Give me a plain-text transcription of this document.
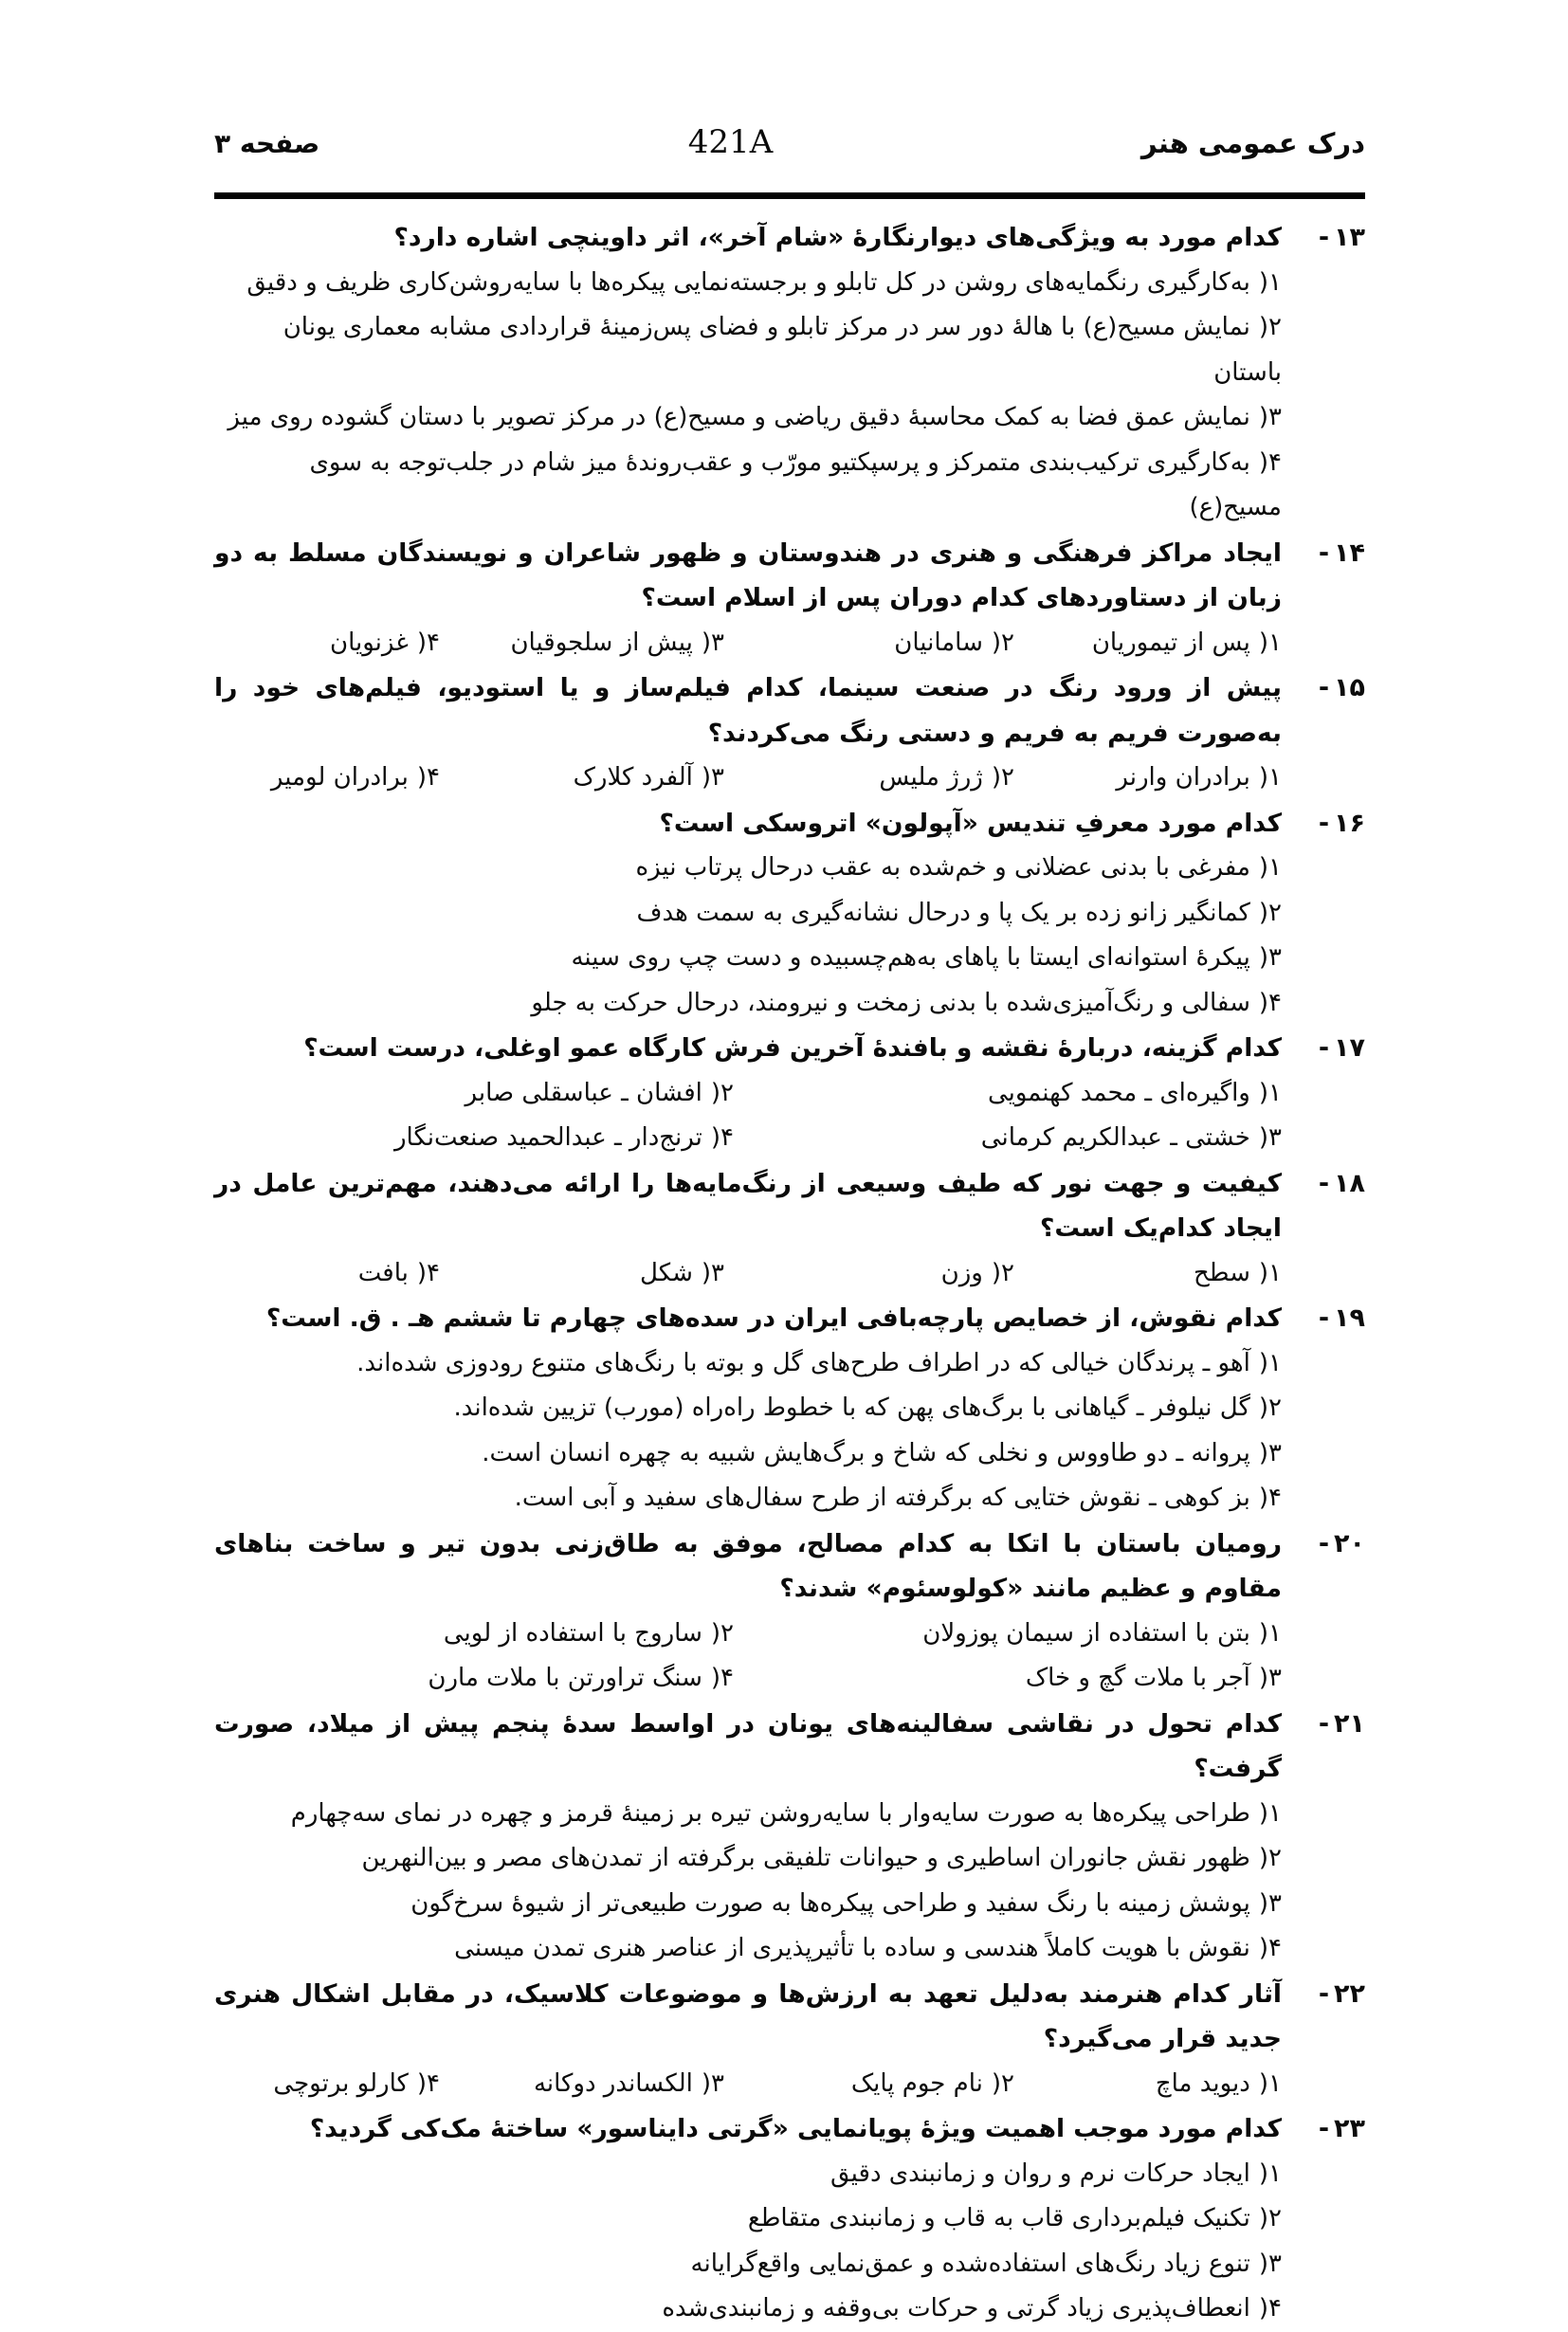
درک عمومی هنر
421A
صفحه ۳
۱۳-
کدام مورد به ویژگی‌های دیوارنگارهٔ «شام آخر»، اثر داوینچی اشاره دارد؟
)۱به‌کارگیری رنگمایه‌های روشن در کل تابلو و برجسته‌نمایی پیکره‌ها با سایه‌روشن‌کاری ظریف و دقیق
)۲نمایش مسیح(ع) با هالهٔ دور سر در مرکز تابلو و فضای پس‌زمینهٔ قراردادی مشابه معماری یونان باستان
)۳نمایش عمق فضا به کمک محاسبهٔ دقیق ریاضی و مسیح(ع) در مرکز تصویر با دستان گشوده روی میز
)۴به‌کارگیری ترکیب‌بندی متمرکز و پرسپکتیو مورّب و عقب‌روندهٔ میز شام در جلب‌توجه به سوی مسیح(ع)
۱۴-
ایجاد مراکز فرهنگی و هنری در هندوستان و ظهور شاعران و نویسندگان مسلط به دو زبان از دستاوردهای کدام دوران پس از اسلام است؟
)۱پس از تیموریان
)۲سامانیان
)۳پیش از سلجوقیان
)۴غزنویان
۱۵-
پیش از ورود رنگ در صنعت سینما، کدام فیلم‌ساز و یا استودیو، فیلم‌های خود را به‌صورت فریم به فریم و دستی رنگ می‌کردند؟
)۱برادران وارنر
)۲ژرژ ملیس
)۳آلفرد کلارک
)۴برادران لومیر
۱۶-
کدام مورد معرفِ تندیس «آپولون» اتروسکی است؟
)۱مفرغی با بدنی عضلانی و خم‌شده به عقب درحال پرتاب نیزه
)۲کمانگیر زانو زده بر یک پا و درحال نشانه‌گیری به سمت هدف
)۳پیکرهٔ استوانه‌ای ایستا با پاهای به‌هم‌چسبیده و دست چپ روی سینه
)۴سفالی و رنگ‌آمیزی‌شده با بدنی زمخت و نیرومند، درحال حرکت به جلو
۱۷-
کدام گزینه، دربارهٔ نقشه و بافندهٔ آخرین فرش کارگاه عمو اوغلی، درست است؟
)۱واگیره‌ای ـ محمد کهنمویی
)۲افشان ـ عباسقلی صابر
)۳خشتی ـ عبدالکریم کرمانی
)۴ترنج‌دار ـ عبدالحمید صنعت‌نگار
۱۸-
کیفیت و جهت نور که طیف وسیعی از رنگ‌مایه‌ها را ارائه می‌دهند، مهم‌ترین عامل در ایجاد کدام‌یک است؟
)۱سطح
)۲وزن
)۳شکل
)۴بافت
۱۹-
کدام نقوش، از خصایص پارچه‌بافی ایران در سده‌های چهارم تا ششم هـ . ق. است؟
)۱آهو ـ پرندگان خیالی که در اطراف طرح‌های گل و بوته با رنگ‌های متنوع رودوزی شده‌اند.
)۲گل نیلوفر ـ گیاهانی با برگ‌های پهن که با خطوط راه‌راه (مورب) تزیین شده‌اند.
)۳پروانه ـ دو طاووس و نخلی که شاخ و برگ‌هایش شبیه به چهره انسان است.
)۴بز کوهی ـ نقوش ختایی که برگرفته از طرح سفال‌های سفید و آبی است.
۲۰-
رومیان باستان با اتکا به کدام مصالح، موفق به طاق‌زنی بدون تیر و ساخت بناهای مقاوم و عظیم مانند «کولوسئوم» شدند؟
)۱بتن با استفاده از سیمان پوزولان
)۲ساروج با استفاده از لویی
)۳آجر با ملات گچ و خاک
)۴سنگ تراورتن با ملات مارن
۲۱-
کدام تحول در نقاشی سفالینه‌های یونان در اواسط سدهٔ پنجم پیش از میلاد، صورت گرفت؟
)۱طراحی پیکره‌ها به صورت سایه‌وار با سایه‌روشن تیره بر زمینهٔ قرمز و چهره در نمای سه‌چهارم
)۲ظهور نقش جانوران اساطیری و حیوانات تلفیقی برگرفته از تمدن‌های مصر و بین‌النهرین
)۳پوشش زمینه با رنگ سفید و طراحی پیکره‌ها به صورت طبیعی‌تر از شیوهٔ سرخ‌گون
)۴نقوش با هویت کاملاً هندسی و ساده با تأثیرپذیری از عناصر هنری تمدن میسنی
۲۲-
آثار کدام هنرمند به‌دلیل تعهد به ارزش‌ها و موضوعات کلاسیک، در مقابل اشکال هنری جدید قرار می‌گیرد؟
)۱دیوید ماچ
)۲نام جوم پایک
)۳الکساندر دوکانه
)۴کارلو برتوچی
۲۳-
کدام مورد موجب اهمیت ویژهٔ پویانمایی «گرتی دایناسور» ساختهٔ مک‌کی گردید؟
)۱ایجاد حرکات نرم و روان و زمانبندی دقیق
)۲تکنیک فیلم‌برداری قاب به قاب و زمانبندی متقاطع
)۳تنوع زیاد رنگ‌های استفاده‌شده و عمق‌نمایی واقع‌گرایانه
)۴انعطاف‌پذیری زیاد گرتی و حرکات بی‌وقفه و زمانبندی‌شده
